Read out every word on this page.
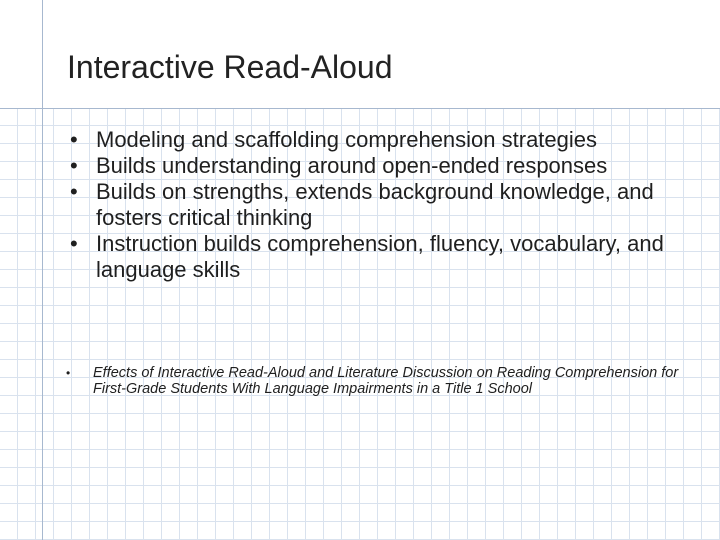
Interactive Read-Aloud
• Modeling and scaffolding comprehension strategies
• Builds understanding around open-ended responses
• Builds on strengths, extends background knowledge, and fosters critical thinking
• Instruction builds comprehension, fluency, vocabulary, and language skills
• Effects of Interactive Read-Aloud and Literature Discussion on Reading Comprehension for First-Grade Students With Language Impairments in a Title 1 School
